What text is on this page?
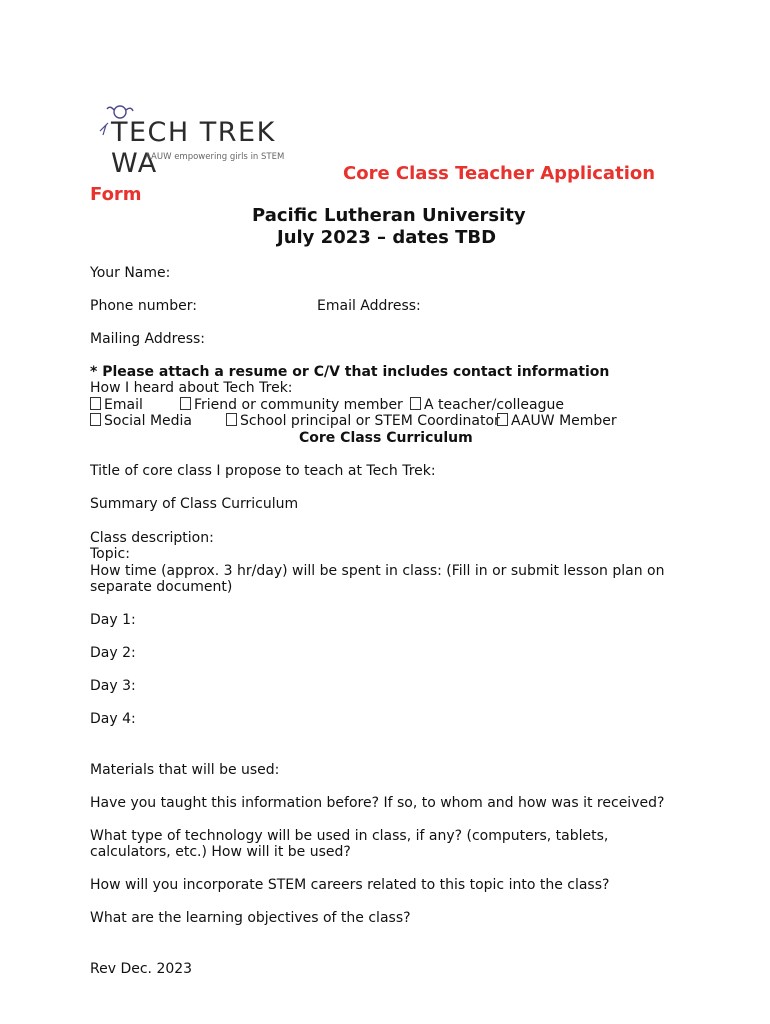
TECH TREK WA
AAUW empowering girls in STEM
Core Class Teacher Application
Form
Pacific Lutheran University
July 2023 – dates TBD
Your Name:
Phone number:	Email Address:
Mailing Address:
* Please attach a resume or C/V that includes contact information
How I heard about Tech Trek:
Email	Friend or community member	A teacher/colleague
Social Media	School principal or STEM Coordinator AAUW Member
Core Class Curriculum
Title of core class I propose to teach at Tech Trek:
Summary of Class Curriculum
Class description:
Topic:
How time (approx. 3 hr/day) will be spent in class: (Fill in or submit lesson plan on
separate document)
Day 1:
Day 2:
Day 3:
Day 4:
Materials that will be used:
Have you taught this information before? If so, to whom and how was it received?
What type of technology will be used in class, if any? (computers, tablets,
calculators, etc.) How will it be used?
How will you incorporate STEM careers related to this topic into the class?
What are the learning objectives of the class?
Rev Dec. 2023
